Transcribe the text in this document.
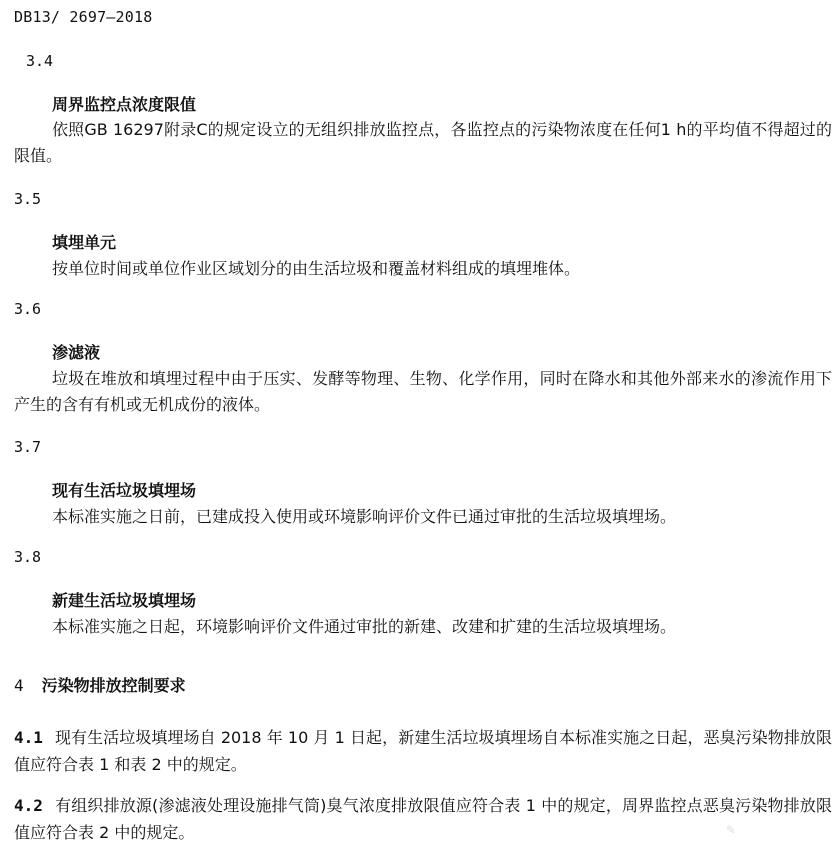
DB13/ 2697—2018
3.4
周界监控点浓度限值
依照GB 16297附录C的规定设立的无组织排放监控点，各监控点的污染物浓度在任何1 h的平均值不得超过的限值。
3.5
填埋单元
按单位时间或单位作业区域划分的由生活垃圾和覆盖材料组成的填埋堆体。
3.6
渗滤液
垃圾在堆放和填埋过程中由于压实、发酵等物理、生物、化学作用，同时在降水和其他外部来水的渗流作用下产生的含有有机或无机成份的液体。
3.7
现有生活垃圾填埋场
本标准实施之日前，已建成投入使用或环境影响评价文件已通过审批的生活垃圾填埋场。
3.8
新建生活垃圾填埋场
本标准实施之日起，环境影响评价文件通过审批的新建、改建和扩建的生活垃圾填埋场。
4 污染物排放控制要求
4.1 现有生活垃圾填埋场自 2018 年 10 月 1 日起，新建生活垃圾填埋场自本标准实施之日起，恶臭污染物排放限值应符合表 1 和表 2 中的规定。
4.2 有组织排放源(渗滤液处理设施排气筒)臭气浓度排放限值应符合表 1 中的规定，周界监控点恶臭污染物排放限值应符合表 2 中的规定。	✎
